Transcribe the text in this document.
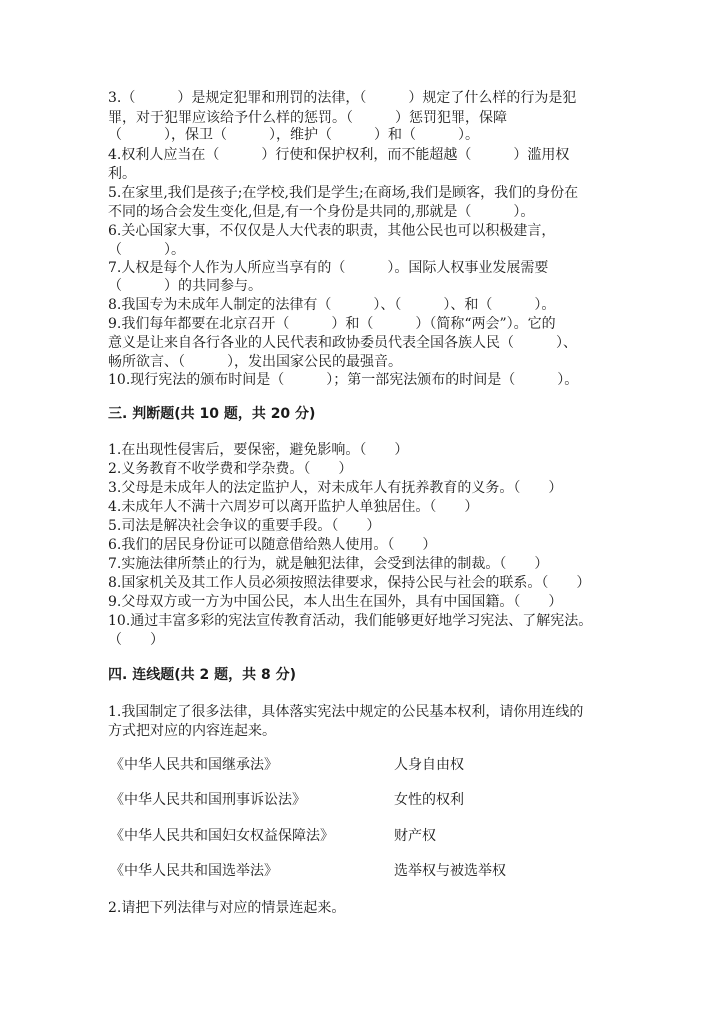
3.（　　　）是规定犯罪和刑罚的法律，（　　　）规定了什么样的行为是犯
罪，对于犯罪应该给予什么样的惩罚。（　　　）惩罚犯罪，保障
（　　　），保卫（　　　），维护（　　　）和（　　　）。
4.权利人应当在（　　　）行使和保护权利，而不能超越（　　　）滥用权
利。
5.在家里,我们是孩子;在学校,我们是学生;在商场,我们是顾客，我们的身份在
不同的场合会发生变化,但是,有一个身份是共同的,那就是（　　　）。
6.关心国家大事，不仅仅是人大代表的职责，其他公民也可以积极建言，
（　　　）。
7.人权是每个人作为人所应当享有的（　　　）。国际人权事业发展需要
（　　　）的共同参与。
8.我国专为未成年人制定的法律有（　　　）、（　　　）、和（　　　）。
9.我们每年都要在北京召开（　　　）和（　　　）（简称“两会”）。它的
意义是让来自各行各业的人民代表和政协委员代表全国各族人民（　　　）、
畅所欲言、（　　　），发出国家公民的最强音。
10.现行宪法的颁布时间是（　　　）；第一部宪法颁布的时间是（　　　）。
三. 判断题(共 10 题，共 20 分)
1.在出现性侵害后，要保密，避免影响。（　　）
2.义务教育不收学费和学杂费。（　　）
3.父母是未成年人的法定监护人，对未成年人有抚养教育的义务。（　　）
4.未成年人不满十六周岁可以离开监护人单独居住。（　　）
5.司法是解决社会争议的重要手段。（　　）
6.我们的居民身份证可以随意借给熟人使用。（　　）
7.实施法律所禁止的行为，就是触犯法律，会受到法律的制裁。（　　）
8.国家机关及其工作人员必须按照法律要求，保持公民与社会的联系。（　　）
9.父母双方或一方为中国公民，本人出生在国外，具有中国国籍。（　　）
10.通过丰富多彩的宪法宣传教育活动，我们能够更好地学习宪法、了解宪法。
（　　）
四. 连线题(共 2 题，共 8 分)
1.我国制定了很多法律，具体落实宪法中规定的公民基本权利，请你用连线的
方式把对应的内容连起来。
《中华人民共和国继承法》	人身自由权
《中华人民共和国刑事诉讼法》	女性的权利
《中华人民共和国妇女权益保障法》	财产权
《中华人民共和国选举法》	选举权与被选举权
2.请把下列法律与对应的情景连起来。
